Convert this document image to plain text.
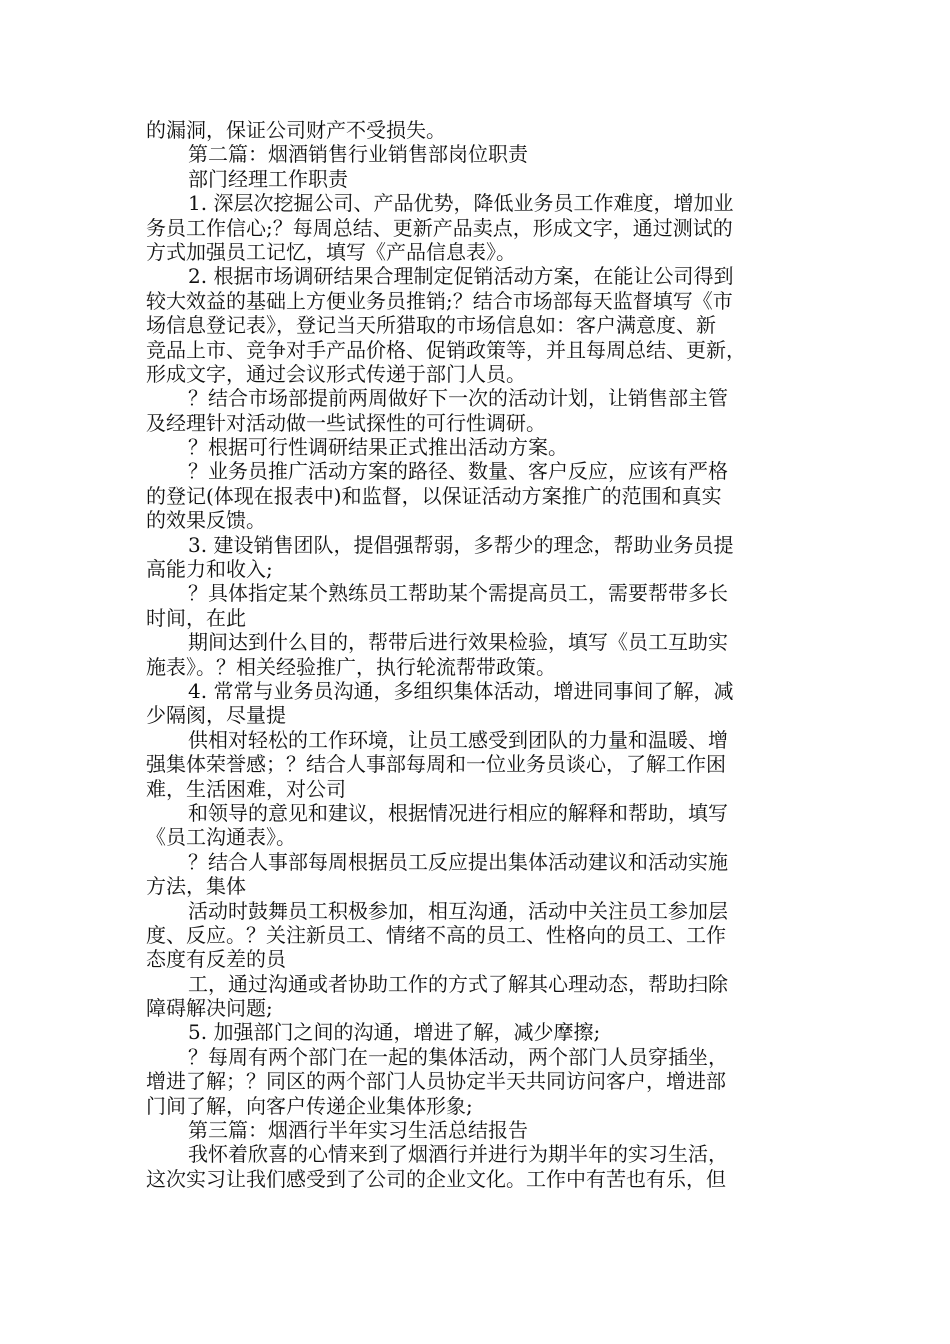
的漏洞，保证公司财产不受损失。
第二篇：烟酒销售行业销售部岗位职责
部门经理工作职责
1. 深层次挖掘公司、产品优势，降低业务员工作难度，增加业
务员工作信心;？每周总结、更新产品卖点，形成文字，通过测试的
方式加强员工记忆，填写《产品信息表》。
2. 根据市场调研结果合理制定促销活动方案，在能让公司得到
较大效益的基础上方便业务员推销;？结合市场部每天监督填写《市
场信息登记表》，登记当天所猎取的市场信息如：客户满意度、新
竞品上市、竞争对手产品价格、促销政策等，并且每周总结、更新，
形成文字，通过会议形式传递于部门人员。
？结合市场部提前两周做好下一次的活动计划，让销售部主管
及经理针对活动做一些试探性的可行性调研。
？根据可行性调研结果正式推出活动方案。
？业务员推广活动方案的路径、数量、客户反应，应该有严格
的登记(体现在报表中)和监督，以保证活动方案推广的范围和真实
的效果反馈。
3. 建设销售团队，提倡强帮弱，多帮少的理念，帮助业务员提
高能力和收入;
？具体指定某个熟练员工帮助某个需提高员工，需要帮带多长
时间，在此
期间达到什么目的，帮带后进行效果检验，填写《员工互助实
施表》。？相关经验推广，执行轮流帮带政策。
4. 常常与业务员沟通，多组织集体活动，增进同事间了解，减
少隔阂，尽量提
供相对轻松的工作环境，让员工感受到团队的力量和温暖、增
强集体荣誉感；？结合人事部每周和一位业务员谈心，了解工作困
难，生活困难，对公司
和领导的意见和建议，根据情况进行相应的解释和帮助，填写
《员工沟通表》。
？结合人事部每周根据员工反应提出集体活动建议和活动实施
方法，集体
活动时鼓舞员工积极参加，相互沟通，活动中关注员工参加层
度、反应。？关注新员工、情绪不高的员工、性格向的员工、工作
态度有反差的员
工，通过沟通或者协助工作的方式了解其心理动态，帮助扫除
障碍解决问题;
5. 加强部门之间的沟通，增进了解，减少摩擦;
？每周有两个部门在一起的集体活动，两个部门人员穿插坐，
增进了解；？同区的两个部门人员协定半天共同访问客户，增进部
门间了解，向客户传递企业集体形象;
第三篇：烟酒行半年实习生活总结报告
我怀着欣喜的心情来到了烟酒行并进行为期半年的实习生活，
这次实习让我们感受到了公司的企业文化。工作中有苦也有乐，但
